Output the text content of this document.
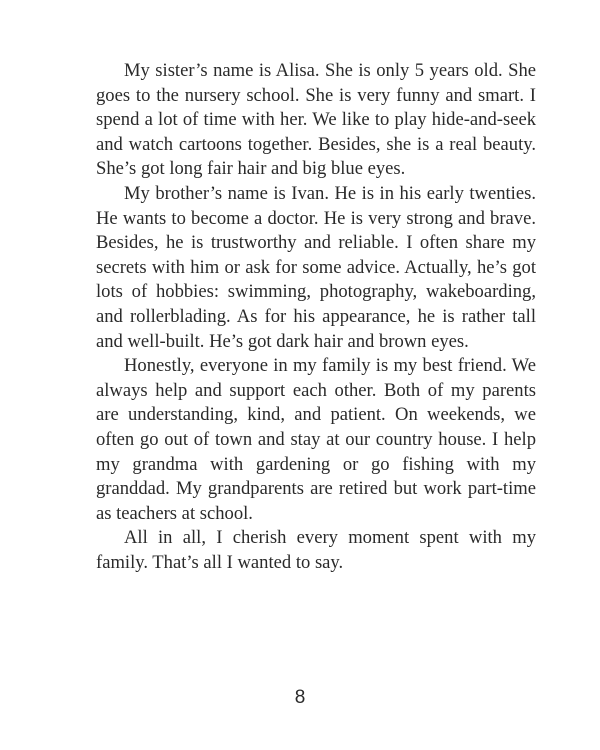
My sister’s name is Alisa. She is only 5 years old. She goes to the nursery school. She is very funny and smart. I spend a lot of time with her. We like to play hide-and-seek and watch cartoons together. Besides, she is a real beauty. She’s got long fair hair and big blue eyes.

My brother’s name is Ivan. He is in his early twenties. He wants to become a doctor. He is very strong and brave. Besides, he is trustworthy and reliable. I often share my secrets with him or ask for some advice. Actually, he’s got lots of hobbies: swimming, photography, wakeboarding, and rollerblading. As for his appearance, he is rather tall and well-built. He’s got dark hair and brown eyes.

Honestly, everyone in my family is my best friend. We always help and support each other. Both of my parents are understanding, kind, and patient. On weekends, we often go out of town and stay at our country house. I help my grandma with gardening or go fishing with my granddad. My grandparents are retired but work part-time as teachers at school.

All in all, I cherish every moment spent with my family. That’s all I wanted to say.

8
